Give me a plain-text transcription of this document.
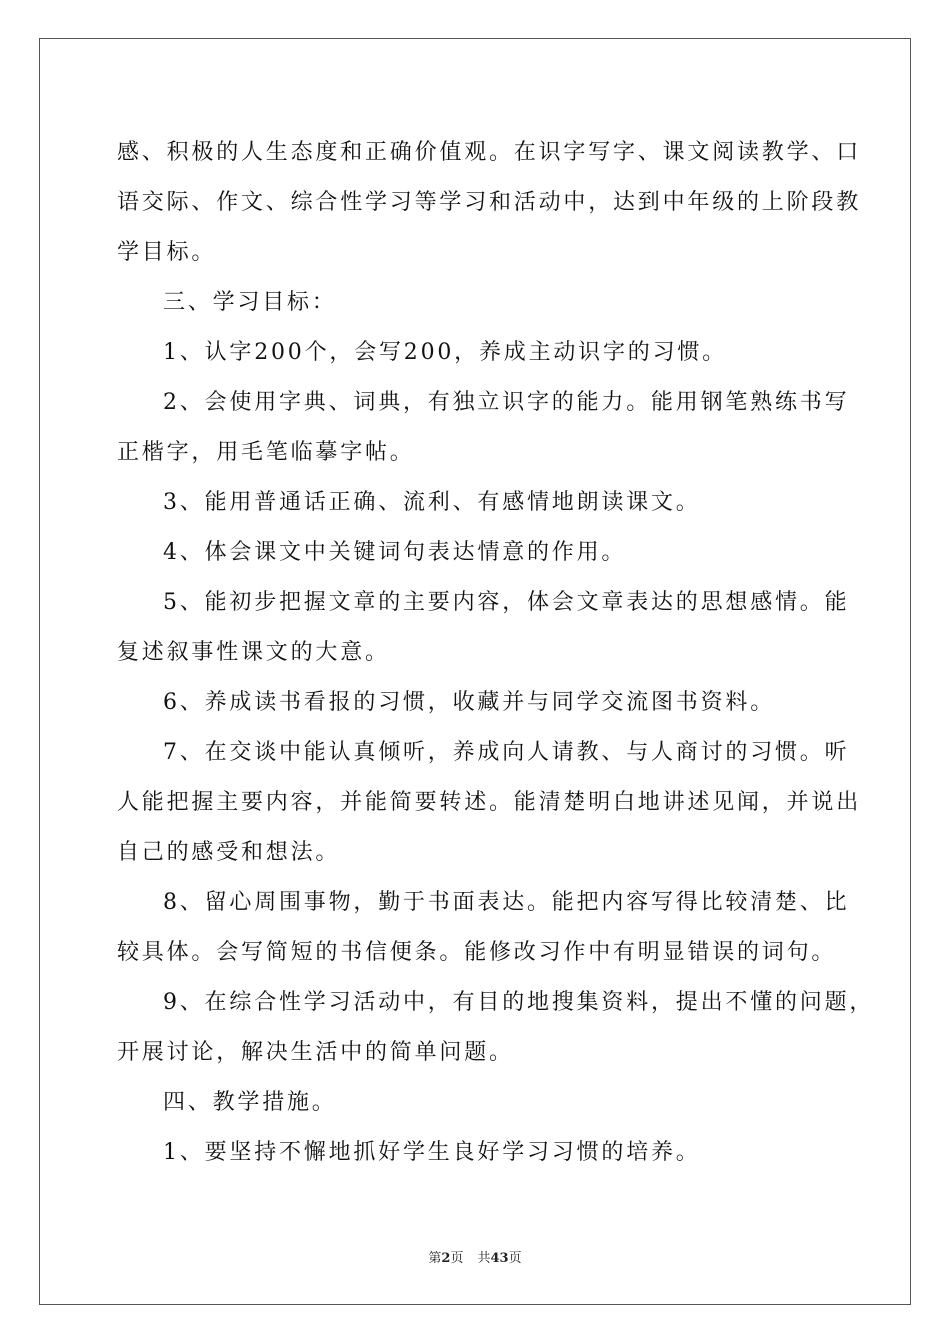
感、积极的人生态度和正确价值观。在识字写字、课文阅读教学、口
语交际、作文、综合性学习等学习和活动中，达到中年级的上阶段教
学目标。
三、学习目标：
1、认字200个，会写200，养成主动识字的习惯。
2、会使用字典、词典，有独立识字的能力。能用钢笔熟练书写
正楷字，用毛笔临摹字帖。
3、能用普通话正确、流利、有感情地朗读课文。
4、体会课文中关键词句表达情意的作用。
5、能初步把握文章的主要内容，体会文章表达的思想感情。能
复述叙事性课文的大意。
6、养成读书看报的习惯，收藏并与同学交流图书资料。
7、在交谈中能认真倾听，养成向人请教、与人商讨的习惯。听
人能把握主要内容，并能简要转述。能清楚明白地讲述见闻，并说出
自己的感受和想法。
8、留心周围事物，勤于书面表达。能把内容写得比较清楚、比
较具体。会写简短的书信便条。能修改习作中有明显错误的词句。
9、在综合性学习活动中，有目的地搜集资料，提出不懂的问题，
开展讨论，解决生活中的简单问题。
四、教学措施。
1、要坚持不懈地抓好学生良好学习习惯的培养。
第2页 共43页
